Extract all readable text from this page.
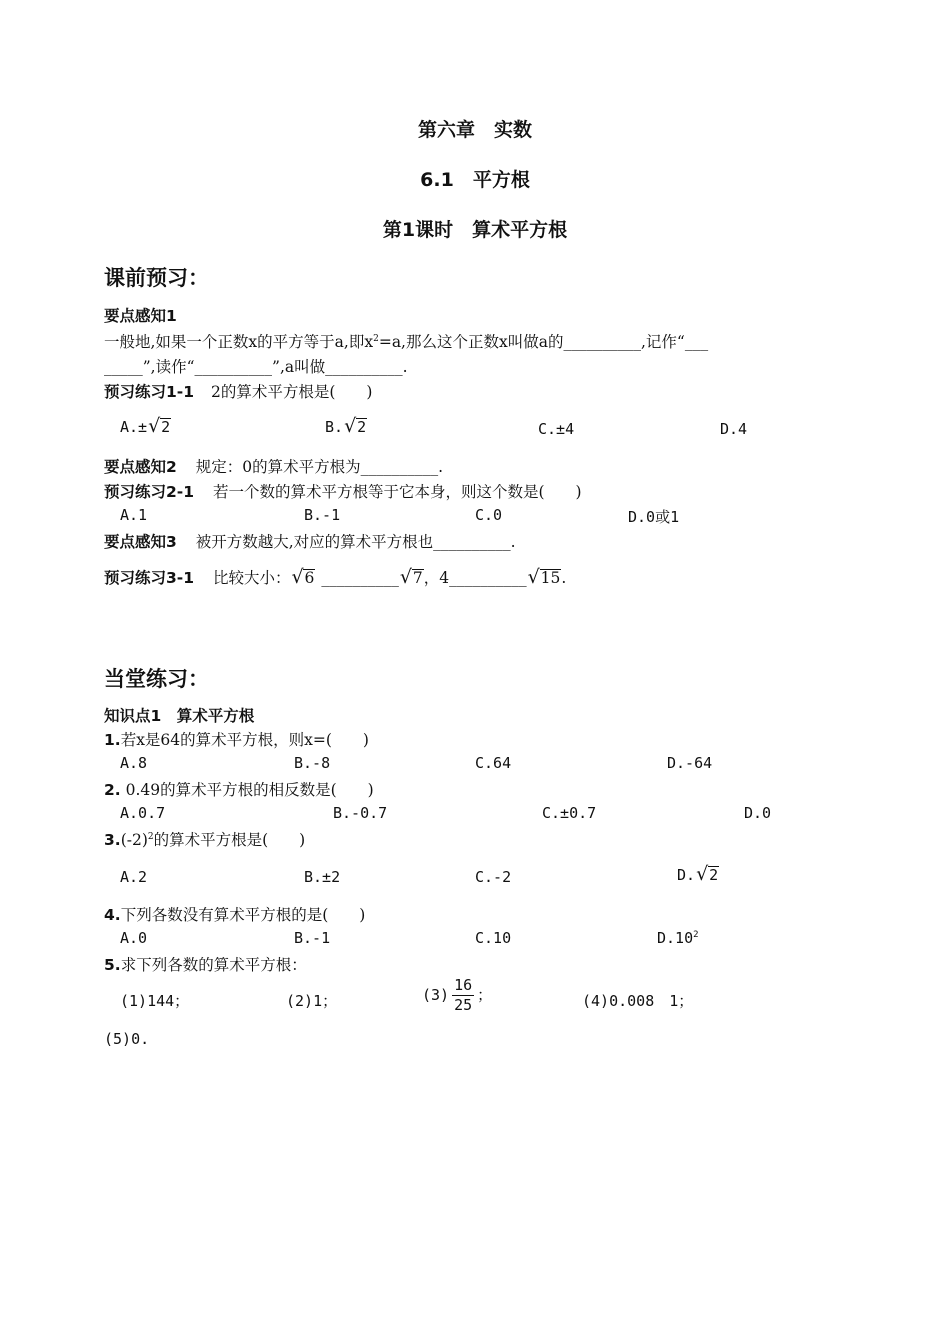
第六章　实数
6.1　平方根
第1课时　算术平方根
课前预习：
要点感知1
一般地,如果一个正数x的平方等于a,即$x^2=a$,那么这个正数x叫做a的__________,记作“___
_____”,读作“__________”,a叫做__________.
预习练习1-1 2的算术平方根是(　　)
A.± √ 2	B. √ 2	C.±4	D.4
要点感知2 规定：0的算术平方根为__________.
预习练习2-1 若一个数的算术平方根等于它本身，则这个数是(　　)
A.1	B.-1	C.0	D.0或1
要点感知3 被开方数越大,对应的算术平方根也__________.
预习练习3-1 比较大小： √ 6 __________ √ 7，4__________ √ 15.
当堂练习：
知识点1　算术平方根
1.若x是64的算术平方根，则x=(　　)
A.8	B.-8	C.64	D.-64
2. 0.49的算术平方根的相反数是(　　)
A.0.7	B.-0.7	C.±0.7	D.0
$3.(-2)^2$的算术平方根是(　　)
A.2	B.±2	C.-2	D. √ 2
4.下列各数没有算术平方根的是(　　)
A.0	B.-1	C.10	$D.10^2$
5.求下列各数的算术平方根：
(1)144；	(2)1；	$(3) \frac{16}{25}$ ；	(4)0.008　1；
(5)0.
